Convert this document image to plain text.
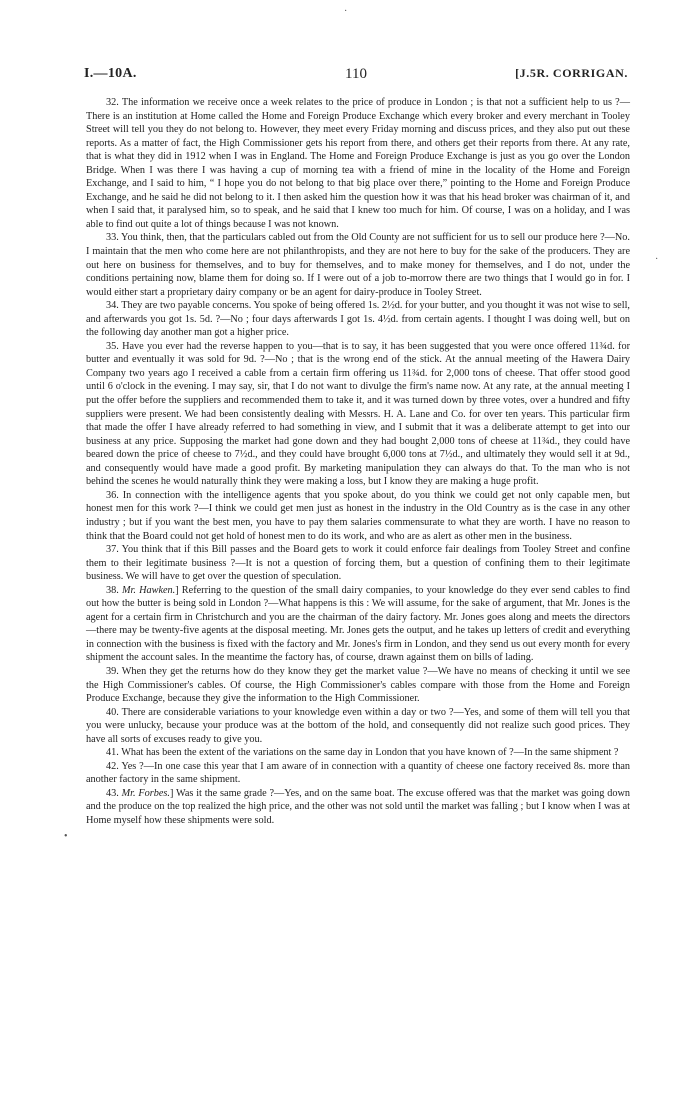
·
·
•
I.—10A.	110	[J.5R. CORRIGAN.

32. The information we receive once a week relates to the price of produce in London ; is that not a sufficient help to us ?—There is an institution at Home called the Home and Foreign Produce Exchange which every broker and every merchant in Tooley Street will tell you they do not belong to. However, they meet every Friday morning and discuss prices, and they also put out these reports. As a matter of fact, the High Commissioner gets his report from there, and others get their reports from there. At any rate, that is what they did in 1912 when I was in England. The Home and Foreign Produce Exchange is just as you go over the London Bridge. When I was there I was having a cup of morning tea with a friend of mine in the locality of the Home and Foreign Exchange, and I said to him, “ I hope you do not belong to that big place over there,” pointing to the Home and Foreign Produce Exchange, and he said he did not belong to it. I then asked him the question how it was that his head broker was chairman of it, and when I said that, it paralysed him, so to speak, and he said that I knew too much for him. Of course, I was on a holiday, and I was able to find out quite a lot of things because I was not known.

33. You think, then, that the particulars cabled out from the Old County are not sufficient for us to sell our produce here ?—No. I maintain that the men who come here are not philanthropists, and they are not here to buy for the sake of the producers. They are out here on business for themselves, and to buy for themselves, and to make money for themselves, and I do not, under the conditions pertaining now, blame them for doing so. If I were out of a job to-morrow there are two things that I would go in for. I would either start a proprietary dairy company or be an agent for dairy-produce in Tooley Street.

34. They are two payable concerns. You spoke of being offered 1s. 2½d. for your butter, and you thought it was not wise to sell, and afterwards you got 1s. 5d. ?—No ; four days afterwards I got 1s. 4½d. from certain agents. I thought I was doing well, but on the following day another man got a higher price.

35. Have you ever had the reverse happen to you—that is to say, it has been suggested that you were once offered 11¾d. for butter and eventually it was sold for 9d. ?—No ; that is the wrong end of the stick. At the annual meeting of the Hawera Dairy Company two years ago I received a cable from a certain firm offering us 11¾d. for 2,000 tons of cheese. That offer stood good until 6 o'clock in the evening. I may say, sir, that I do not want to divulge the firm's name now. At any rate, at the annual meeting I put the offer before the suppliers and recommended them to take it, and it was turned down by three votes, over a hundred and fifty suppliers were present. We had been consistently dealing with Messrs. H. A. Lane and Co. for over ten years. This particular firm that made the offer I have already referred to had something in view, and I submit that it was a deliberate attempt to get into our business at any price. Supposing the market had gone down and they had bought 2,000 tons of cheese at 11¾d., they could have beared down the price of cheese to 7½d., and they could have brought 6,000 tons at 7½d., and ultimately they would sell it at 9d., and consequently would have made a good profit. By marketing manipulation they can always do that. To the man who is not behind the scenes he would naturally think they were making a loss, but I know they are making a huge profit.

36. In connection with the intelligence agents that you spoke about, do you think we could get not only capable men, but honest men for this work ?—I think we could get men just as honest in the industry in the Old Country as is the case in any other industry ; but if you want the best men, you have to pay them salaries commensurate to what they are worth. I have no reason to think that the Board could not get hold of honest men to do its work, and who are as alert as other men in the business.

37. You think that if this Bill passes and the Board gets to work it could enforce fair dealings from Tooley Street and confine them to their legitimate business ?—It is not a question of forcing them, but a question of confining them to their legitimate business. We will have to get over the question of speculation.

38. Mr. Hawken.] Referring to the question of the small dairy companies, to your knowledge do they ever send cables to find out how the butter is being sold in London ?—What happens is this : We will assume, for the sake of argument, that Mr. Jones is the agent for a certain firm in Christchurch and you are the chairman of the dairy factory. Mr. Jones goes along and meets the directors—there may be twenty-five agents at the disposal meeting. Mr. Jones gets the output, and he takes up letters of credit and everything in connection with the business is fixed with the factory and Mr. Jones's firm in London, and they send us out every month for every shipment the account sales. In the meantime the factory has, of course, drawn against them on bills of lading.

39. When they get the returns how do they know they get the market value ?—We have no means of checking it until we see the High Commissioner's cables. Of course, the High Commissioner's cables compare with those from the Home and Foreign Produce Exchange, because they give the information to the High Commissioner.

40. There are considerable variations to your knowledge even within a day or two ?—Yes, and some of them will tell you that you were unlucky, because your produce was at the bottom of the hold, and consequently did not realize such good prices. They have all sorts of excuses ready to give you.

41. What has been the extent of the variations on the same day in London that you have known of ?—In the same shipment ?

42. Yes ?—In one case this year that I am aware of in connection with a quantity of cheese one factory received 8s. more than another factory in the same shipment.

43. Mr. Forbes.] Was it the same grade ?—Yes, and on the same boat. The excuse offered was that the market was going down and the produce on the top realized the high price, and the other was not sold until the market was falling ; but I know when I was at Home myself how these shipments were sold.
